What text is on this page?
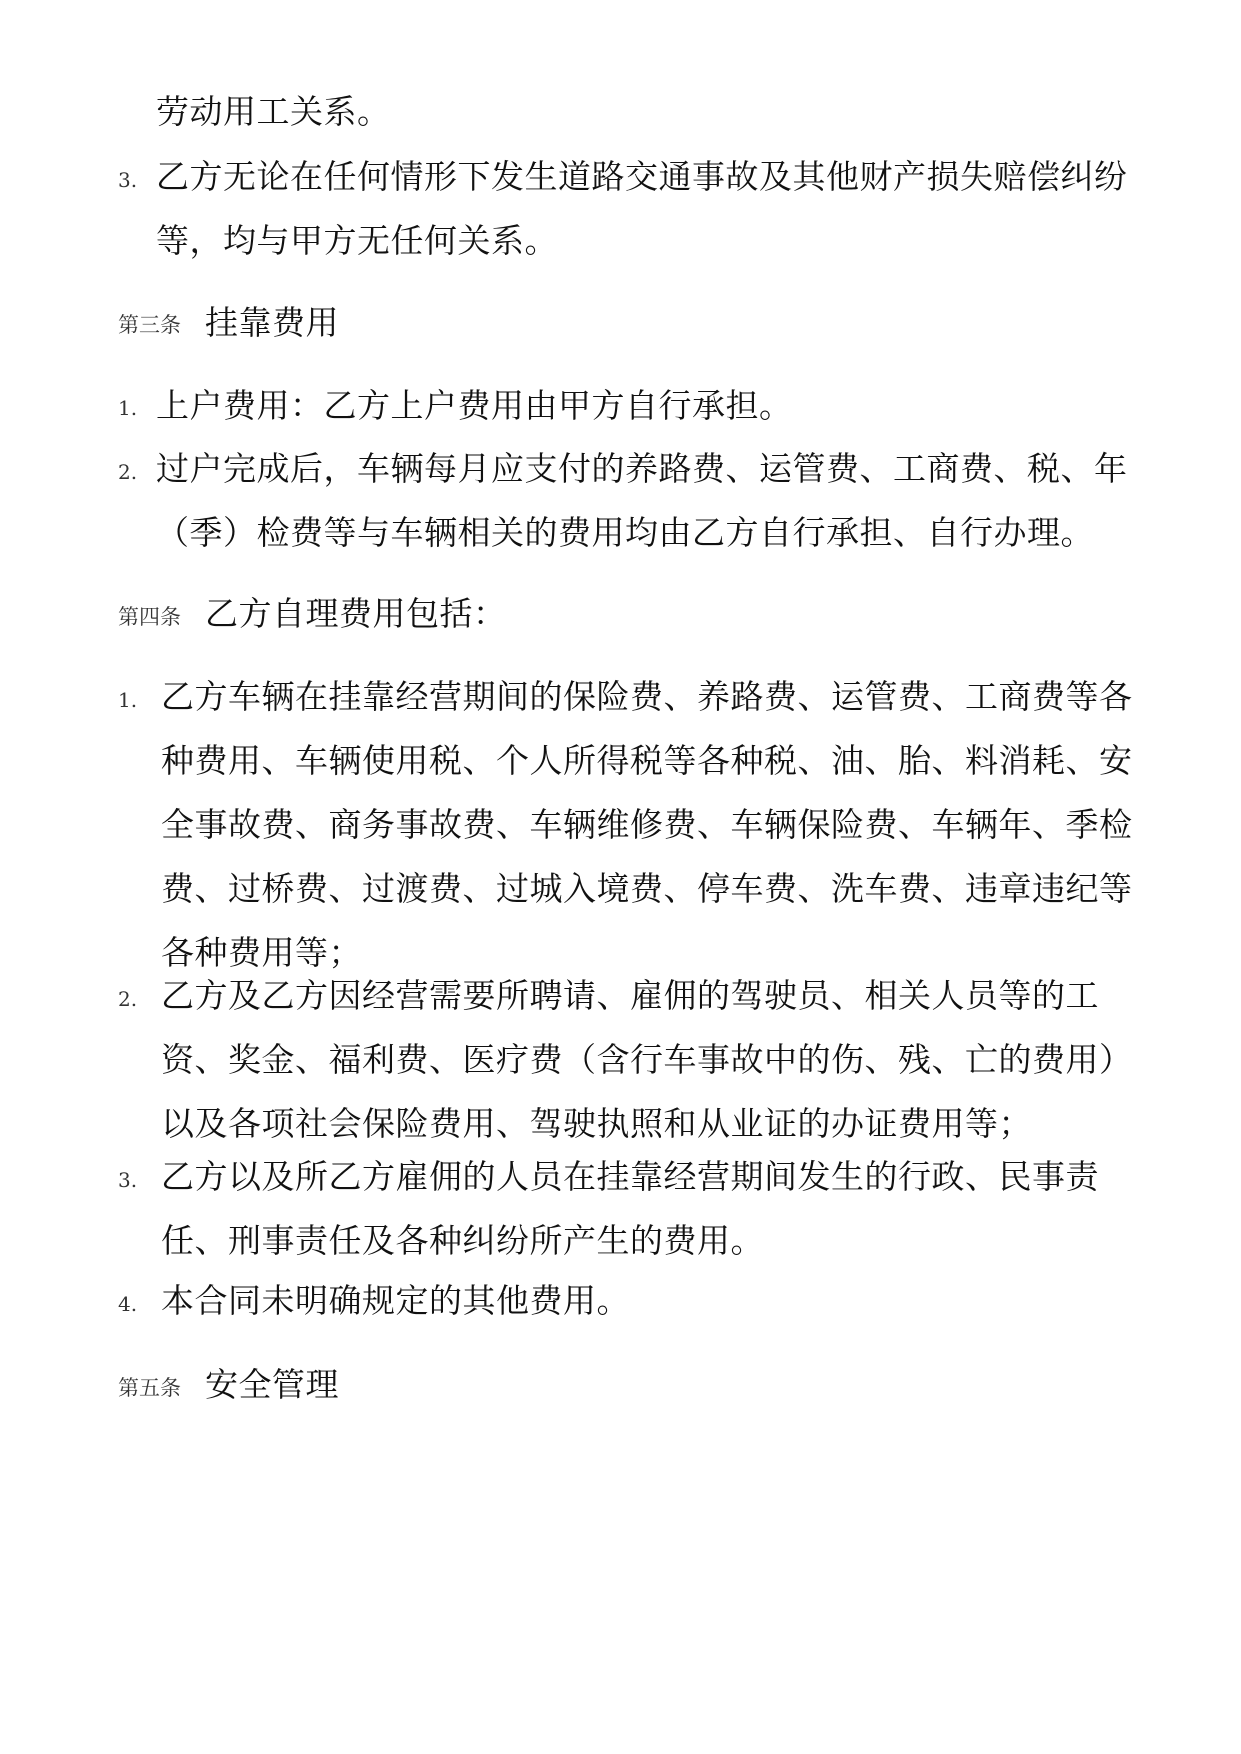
劳动用工关系。
3. 乙方无论在任何情形下发生道路交通事故及其他财产损失赔偿纠纷等，均与甲方无任何关系。
第三条 挂靠费用
1. 上户费用：乙方上户费用由甲方自行承担。
2. 过户完成后，车辆每月应支付的养路费、运管费、工商费、税、年（季）检费等与车辆相关的费用均由乙方自行承担、自行办理。
第四条 乙方自理费用包括：
1. 乙方车辆在挂靠经营期间的保险费、养路费、运管费、工商费等各种费用、车辆使用税、个人所得税等各种税、油、胎、料消耗、安全事故费、商务事故费、车辆维修费、车辆保险费、车辆年、季检费、过桥费、过渡费、过城入境费、停车费、洗车费、违章违纪等各种费用等；
2. 乙方及乙方因经营需要所聘请、雇佣的驾驶员、相关人员等的工资、奖金、福利费、医疗费（含行车事故中的伤、残、亡的费用）以及各项社会保险费用、驾驶执照和从业证的办证费用等；
3. 乙方以及所乙方雇佣的人员在挂靠经营期间发生的行政、民事责任、刑事责任及各种纠纷所产生的费用。
4. 本合同未明确规定的其他费用。
第五条 安全管理
